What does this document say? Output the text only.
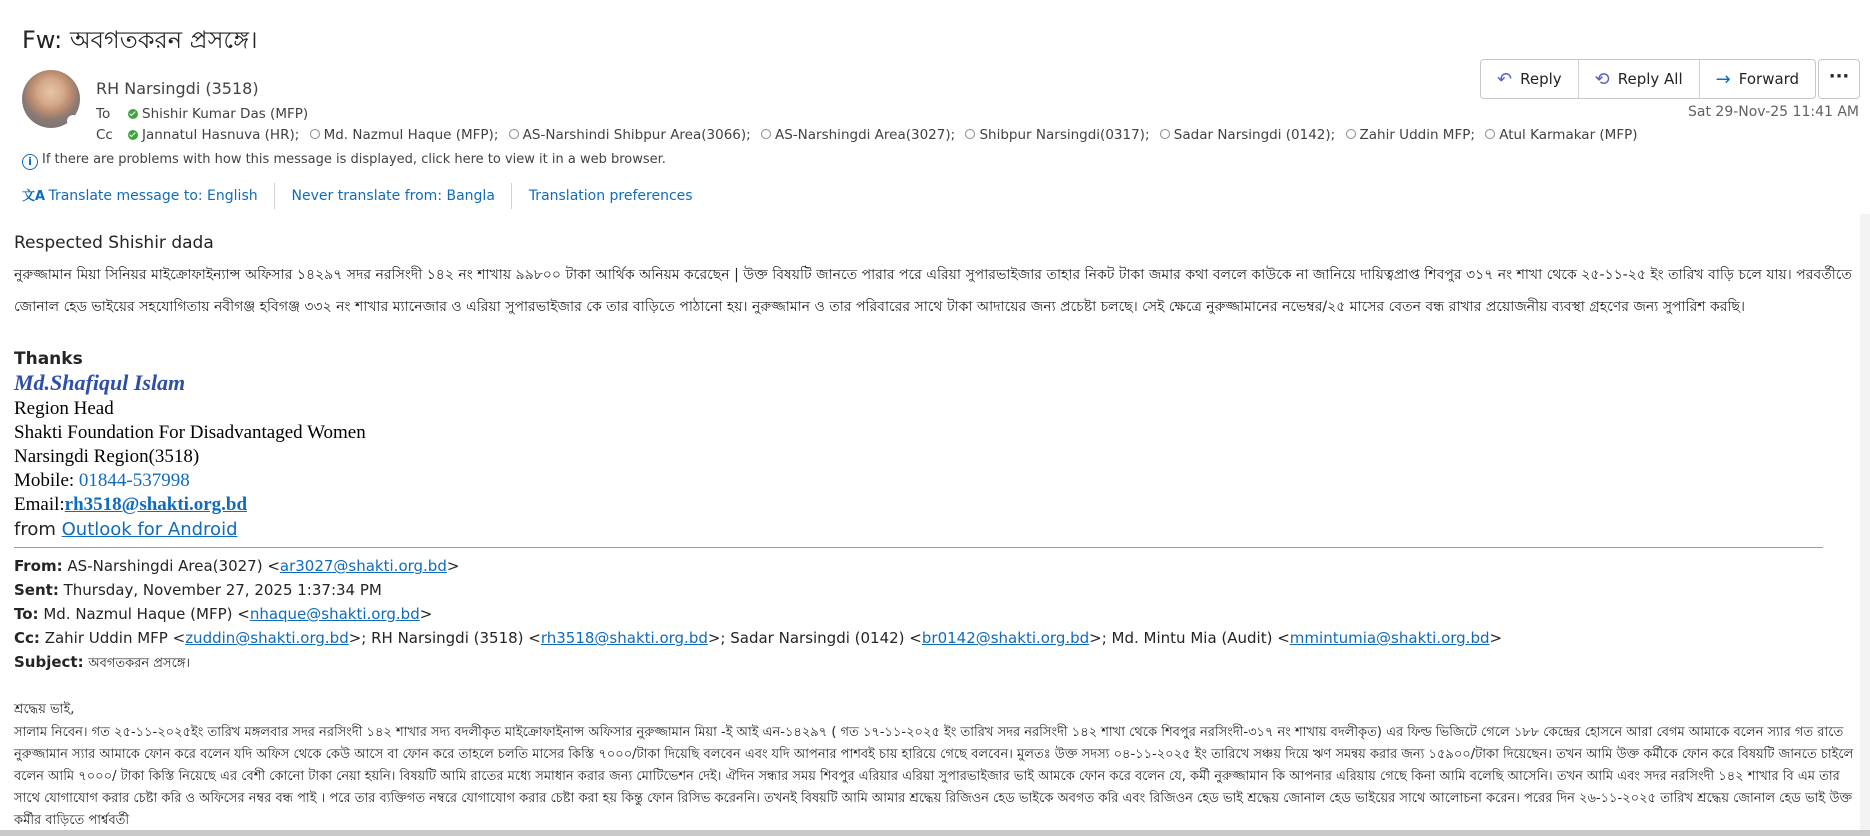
Fw: অবগতকরন প্রসঙ্গে।
RH Narsingdi (3518)
To Shishir Kumar Das (MFP)
Cc Jannatul Hasnuva (HR); Md. Nazmul Haque (MFP); AS-Narshindi Shibpur Area(3066); AS-Narshingdi Area(3027); Shibpur Narsingdi(0317); Sadar Narsingdi (0142); Zahir Uddin MFP; Atul Karmakar (MFP)
↶ Reply ⟲ Reply All → Forward	···
Sat 29-Nov-25 11:41 AM
i If there are problems with how this message is displayed, click here to view it in a web browser.
文A Translate message to: English Never translate from: Bangla Translation preferences
Respected Shishir dada
নুরুজ্জামান মিয়া সিনিয়র মাইক্রোফাইন্যান্স অফিসার ১৪২৯৭ সদর নরসিংদী ১৪২ নং শাখায় ৯৯৮০০ টাকা আর্থিক অনিয়ম করেছেন | উক্ত বিষয়টি জানতে পারার পরে এরিয়া সুপারভাইজার তাহার নিকট টাকা জমার কথা বললে কাউকে না জানিয়ে দায়িত্বপ্রাপ্ত শিবপুর ৩১৭ নং শাখা থেকে ২৫-১১-২৫ ইং তারিখ বাড়ি চলে যায়। পরবর্তীতে জোনাল হেড ভাইয়ের সহযোগিতায় নবীগঞ্জ হবিগঞ্জ ৩৩২ নং শাখার ম্যানেজার ও এরিয়া সুপারভাইজার কে তার বাড়িতে পাঠানো হয়। নুরুজ্জামান ও তার পরিবারের সাথে টাকা আদায়ের জন্য প্রচেষ্টা চলছে। সেই ক্ষেত্রে নুরুজ্জামানের নভেম্বর/২৫ মাসের বেতন বন্ধ রাখার প্রয়োজনীয় ব্যবস্থা গ্রহণের জন্য সুপারিশ করছি।
Thanks
Md.Shafiqul Islam
Region Head
Shakti Foundation For Disadvantaged Women
Narsingdi Region(3518)
Mobile: 01844-537998
Email:rh3518@shakti.org.bd
from Outlook for Android
From: AS-Narshingdi Area(3027) <ar3027@shakti.org.bd>
Sent: Thursday, November 27, 2025 1:37:34 PM
To: Md. Nazmul Haque (MFP) <nhaque@shakti.org.bd>
Cc: Zahir Uddin MFP <zuddin@shakti.org.bd>; RH Narsingdi (3518) <rh3518@shakti.org.bd>; Sadar Narsingdi (0142) <br0142@shakti.org.bd>; Md. Mintu Mia (Audit) <mmintumia@shakti.org.bd>
Subject: অবগতকরন প্রসঙ্গে।
শ্রদ্ধেয় ভাই,
সালাম নিবেন। গত ২৫-১১-২০২৫ইং তারিখ মঙ্গলবার সদর নরসিংদী ১৪২ শাখার সদ্য বদলীকৃত মাইক্রোফাইনান্স অফিসার নুরুজ্জামান মিয়া -ই আই এন-১৪২৯৭ ( গত ১৭-১১-২০২৫ ইং তারিখ সদর নরসিংদী ১৪২ শাখা থেকে শিবপুর নরসিংদী-৩১৭ নং শাখায় বদলীকৃত) এর ফিল্ড ভিজিটে গেলে ১৮৮ কেন্দ্রের হোসনে আরা বেগম আমাকে বলেন স্যার গত রাতে নুরুজ্জামান স্যার আমাকে ফোন করে বলেন যদি অফিস থেকে কেউ আসে বা ফোন করে তাহলে চলতি মাসের কিস্তি ৭০০০/টাকা দিয়েছি বলবেন এবং যদি আপনার পাশবই চায় হারিয়ে গেছে বলবেন। মুলতঃ উক্ত সদস্য ০৪-১১-২০২৫ ইং তারিখে সঞ্চয় দিয়ে ঋণ সমন্বয় করার জন্য ১৫৯০০/টাকা দিয়েছেন। তখন আমি উক্ত কর্মীকে ফোন করে বিষয়টি জানতে চাইলে বলেন আমি ৭০০০/ টাকা কিস্তি নিয়েছে এর বেশী কোনো টাকা নেয়া হয়নি। বিষয়টি আমি রাতের মধ্যে সমাধান করার জন্য মোটিভেশন দেই। ঐদিন সন্ধার সময় শিবপুর এরিয়ার এরিয়া সুপারভাইজার ভাই আমকে ফোন করে বলেন যে, কর্মী নুরুজ্জামান কি আপনার এরিয়ায় গেছে কিনা আমি বলেছি আসেনি। তখন আমি এবং সদর নরসিংদী ১৪২ শাখার বি এম তার সাথে যোগাযোগ করার চেষ্টা করি ও অফিসের নম্বর বন্ধ পাই । পরে তার ব্যক্তিগত নম্বরে যোগাযোগ করার চেষ্টা করা হয় কিন্তু ফোন রিসিভ করেননি। তখনই বিষয়টি আমি আমার শ্রদ্ধেয় রিজিওন হেড ভাইকে অবগত করি এবং রিজিওন হেড ভাই শ্রদ্ধেয় জোনাল হেড ভাইয়ের সাথে আলোচনা করেন। পরের দিন ২৬-১১-২০২৫ তারিখ শ্রদ্ধেয় জোনাল হেড ভাই উক্ত কর্মীর বাড়িতে পার্শ্ববর্তী
